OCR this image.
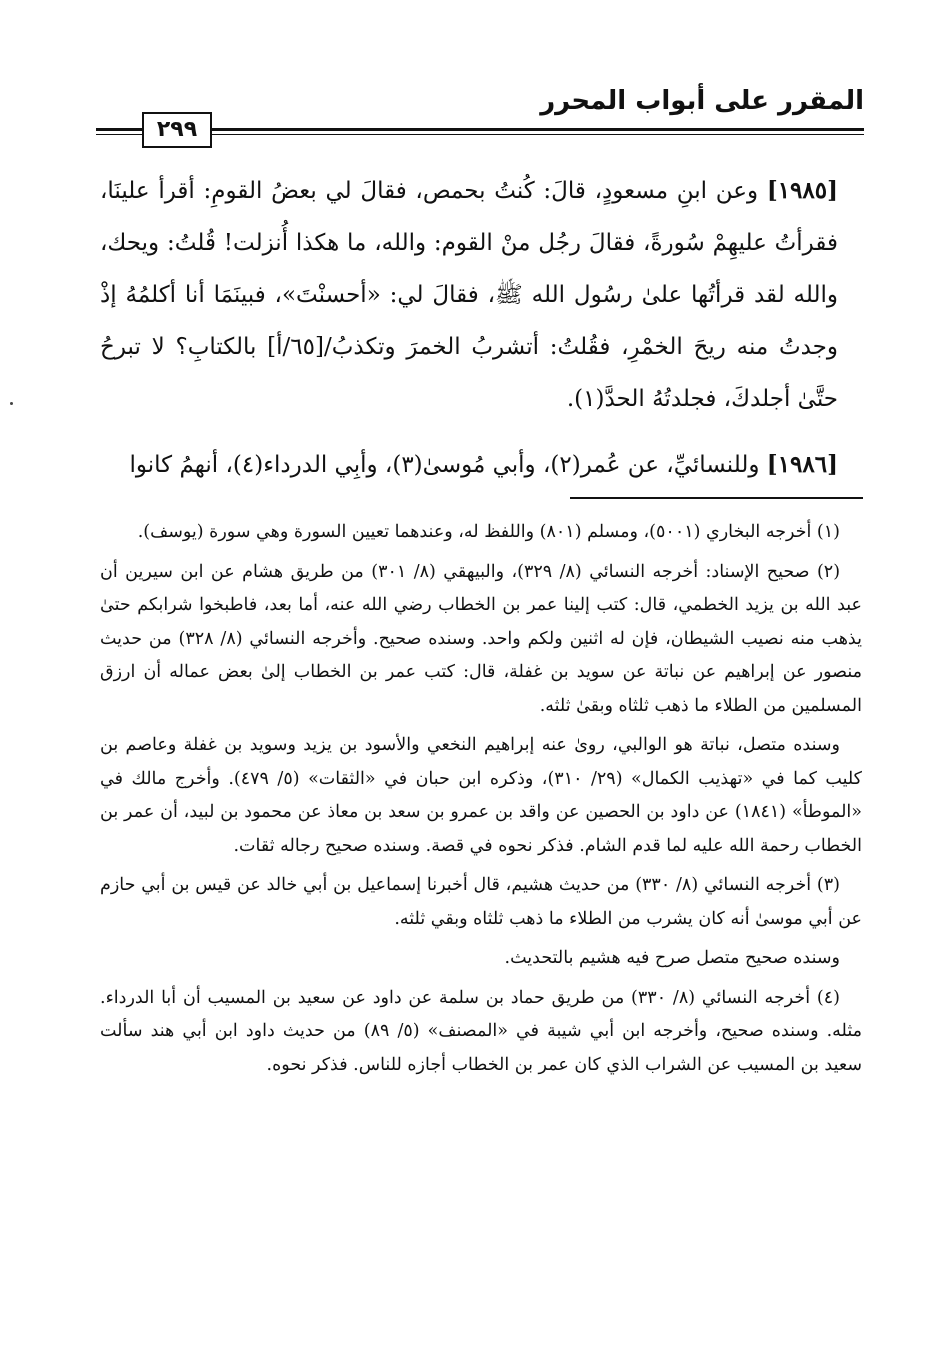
المقرر على أبواب المحرر
٢٩٩

[١٩٨٥] وعن ابنِ مسعودٍ، قالَ: كُنتُ بحمص، فقالَ لي بعضُ القومِ: أقرأ علينَا، فقرأتُ عليهِمْ سُورةً، فقالَ رجُل منْ القوم: والله، ما هكذا أُنزلت! قُلتُ: ويحك، والله لقد قرأتُها علىٰ رسُول الله ﷺ، فقالَ لي: «أحسنْتَ»، فبينَمَا أنا أكلمُهُ إذْ وجدتُ منه ريحَ الخمْرِ، فقُلتُ: أتشربُ الخمرَ وتكذبُ/[٦٥/أ] بالكتابِ؟ لا تبرحُ حتَّىٰ أجلدكَ، فجلدتُهُ الحدَّ(١).

[١٩٨٦] وللنسائيِّ، عن عُمر(٢)، وأبي مُوسىٰ(٣)، وأبِي الدرداء(٤)، أنهمُ كانوا

(١) أخرجه البخاري (٥٠٠١)، ومسلم (٨٠١) واللفظ له، وعندهما تعيين السورة وهي سورة (يوسف).

(٢) صحيح الإسناد: أخرجه النسائي (٨/ ٣٢٩)، والبيهقي (٨/ ٣٠١) من طريق هشام عن ابن سيرين أن عبد الله بن يزيد الخطمي، قال: كتب إلينا عمر بن الخطاب رضي الله عنه، أما بعد، فاطبخوا شرابكم حتىٰ يذهب منه نصيب الشيطان، فإن له اثنين ولكم واحد. وسنده صحيح. وأخرجه النسائي (٨/ ٣٢٨) من حديث منصور عن إبراهيم عن نباتة عن سويد بن غفلة، قال: كتب عمر بن الخطاب إلىٰ بعض عماله أن ارزق المسلمين من الطلاء ما ذهب ثلثاه وبقىٰ ثلثه.

وسنده متصل، نباتة هو الوالبي، روىٰ عنه إبراهيم النخعي والأسود بن يزيد وسويد بن غفلة وعاصم بن كليب كما في «تهذيب الكمال» (٢٩/ ٣١٠)، وذكره ابن حبان في «الثقات» (٥/ ٤٧٩). وأخرج مالك في «الموطأ» (١٨٤١) عن داود بن الحصين عن واقد بن عمرو بن سعد بن معاذ عن محمود بن لبيد، أن عمر بن الخطاب رحمة الله عليه لما قدم الشام. فذكر نحوه في قصة. وسنده صحيح رجاله ثقات.

(٣) أخرجه النسائي (٨/ ٣٣٠) من حديث هشيم، قال أخبرنا إسماعيل بن أبي خالد عن قيس بن أبي حازم عن أبي موسىٰ أنه كان يشرب من الطلاء ما ذهب ثلثاه وبقي ثلثه.

وسنده صحيح متصل صرح فيه هشيم بالتحديث.

(٤) أخرجه النسائي (٨/ ٣٣٠) من طريق حماد بن سلمة عن داود عن سعيد بن المسيب أن أبا الدرداء. مثله. وسنده صحيح، وأخرجه ابن أبي شيبة في «المصنف» (٥/ ٨٩) من حديث داود ابن أبي هند سألت سعيد بن المسيب عن الشراب الذي كان عمر بن الخطاب أجازه للناس. فذكر نحوه.
